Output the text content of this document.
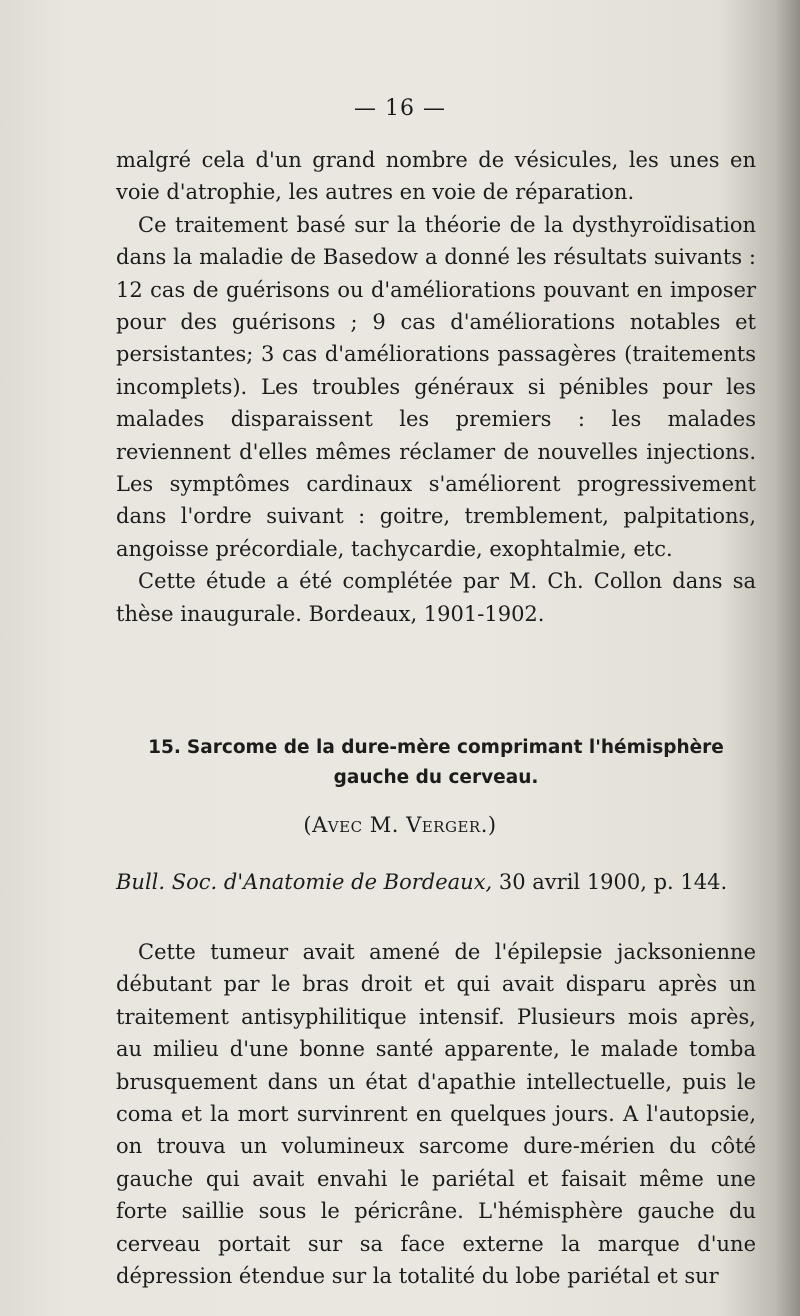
— 16 —

malgré cela d'un grand nombre de vésicules, les unes en voie d'atrophie, les autres en voie de réparation.

Ce traitement basé sur la théorie de la dysthyroïdisation dans la maladie de Basedow a donné les résultats suivants : 12 cas de guérisons ou d'améliorations pouvant en imposer pour des guérisons ; 9 cas d'améliorations notables et persistantes; 3 cas d'améliorations passagères (traitements incomplets). Les troubles généraux si pénibles pour les malades disparaissent les premiers : les malades reviennent d'elles mêmes réclamer de nouvelles injections. Les symptômes cardinaux s'améliorent progressivement dans l'ordre suivant : goitre, tremblement, palpitations, angoisse précordiale, tachycardie, exophtalmie, etc.

Cette étude a été complétée par M. Ch. Collon dans sa thèse inaugurale. Bordeaux, 1901-1902.

15. Sarcome de la dure-mère comprimant l'hémisphère gauche du cerveau.
(Avec M. Verger.)
Bull. Soc. d'Anatomie de Bordeaux, 30 avril 1900, p. 144.

Cette tumeur avait amené de l'épilepsie jacksonienne débutant par le bras droit et qui avait disparu après un traitement antisyphilitique intensif. Plusieurs mois après, au milieu d'une bonne santé apparente, le malade tomba brusquement dans un état d'apathie intellectuelle, puis le coma et la mort survinrent en quelques jours. A l'autopsie, on trouva un volumineux sarcome dure-mérien du côté gauche qui avait envahi le pariétal et faisait même une forte saillie sous le péricrâne. L'hémisphère gauche du cerveau portait sur sa face externe la marque d'une dépression étendue sur la totalité du lobe pariétal et sur
